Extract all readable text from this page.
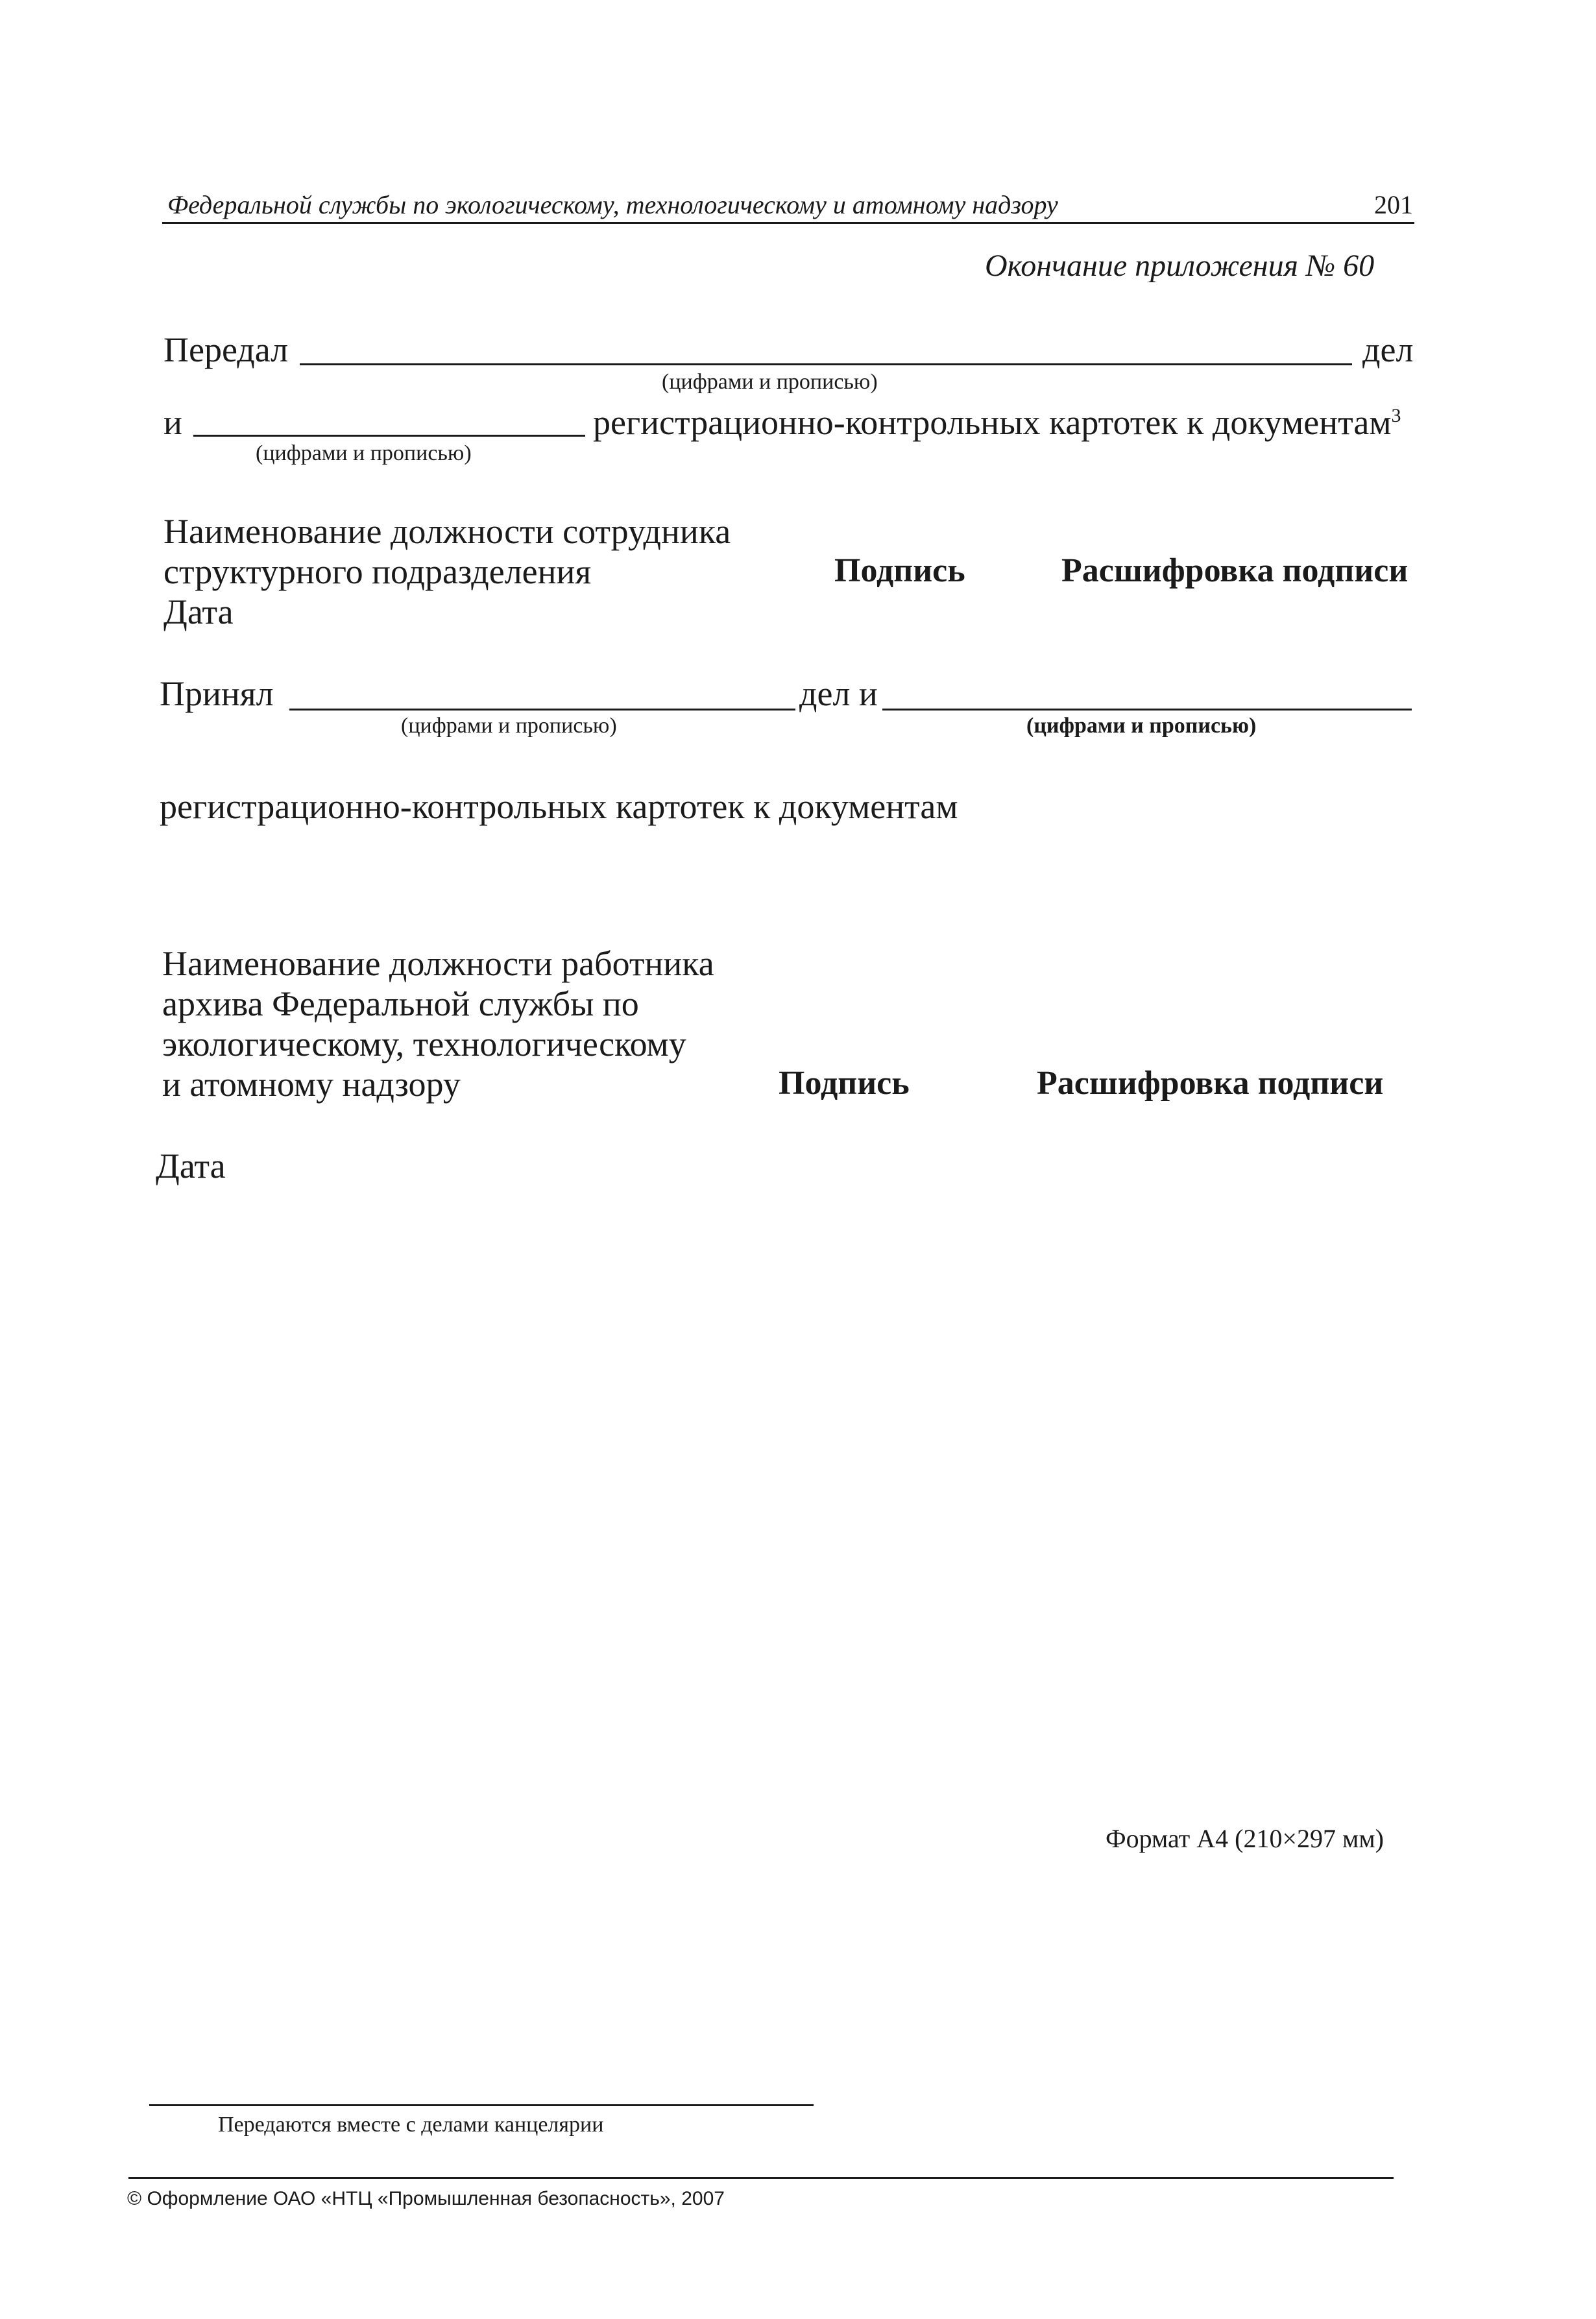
Федеральной службы по экологическому, технологическому и атомному надзору	201
Окончание приложения № 60
Передал	дел
(цифрами и прописью)
и	регистрационно-контрольных картотек к документам$^3$
(цифрами и прописью)
Наименование должности сотрудника
структурного подразделения
Дата
Подпись	Расшифровка подписи
Принял	дел и
(цифрами и прописью)	(цифрами и прописью)
регистрационно-контрольных картотек к документам
Наименование должности работника
архива Федеральной службы по
экологическому, технологическому
и атомному надзору	Подпись	Расшифровка подписи
Дата
Формат А4 (210×297 мм)
Передаются вместе с делами канцелярии
© Оформление ОАО «НТЦ «Промышленная безопасность», 2007
